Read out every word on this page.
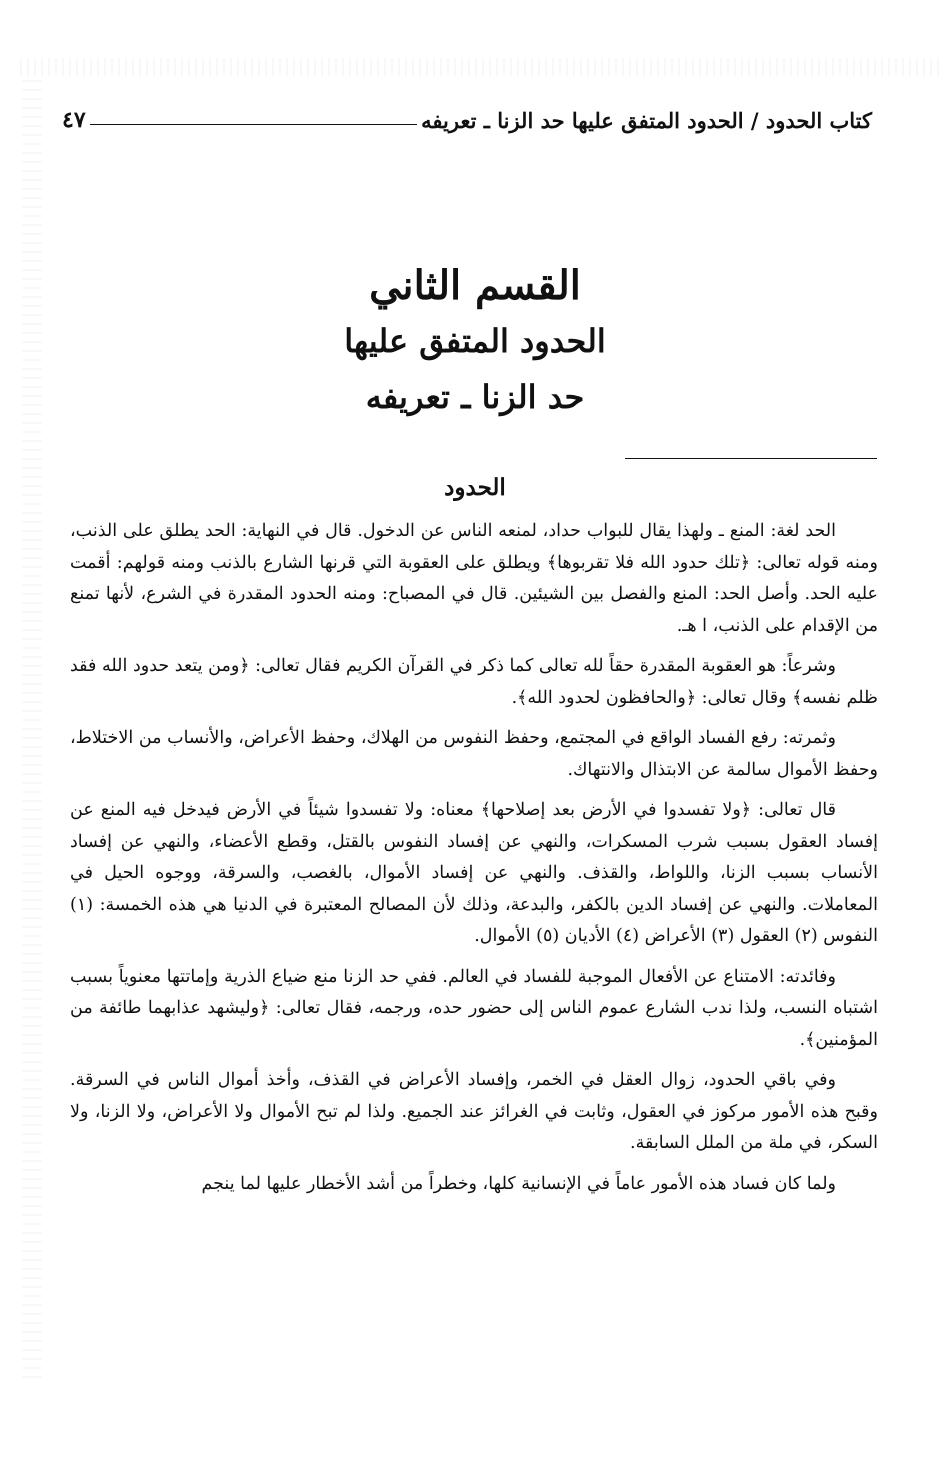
كتاب الحدود / الحدود المتفق عليها حد الزنا ـ تعريفه
٤٧
القسم الثاني
الحدود المتفق عليها
حد الزنا ـ تعريفه
الحدود

الحد لغة: المنع ـ ولهذا يقال للبواب حداد، لمنعه الناس عن الدخول. قال في النهاية: الحد يطلق على الذنب، ومنه قوله تعالى: ﴿تلك حدود الله فلا تقربوها﴾ ويطلق على العقوبة التي قرنها الشارع بالذنب ومنه قولهم: أقمت عليه الحد. وأصل الحد: المنع والفصل بين الشيئين. قال في المصباح: ومنه الحدود المقدرة في الشرع، لأنها تمنع من الإقدام على الذنب، ا هـ.

وشرعاً: هو العقوبة المقدرة حقاً لله تعالى كما ذكر في القرآن الكريم فقال تعالى: ﴿ومن يتعد حدود الله فقد ظلم نفسه﴾ وقال تعالى: ﴿والحافظون لحدود الله﴾.

وثمرته: رفع الفساد الواقع في المجتمع، وحفظ النفوس من الهلاك، وحفظ الأعراض، والأنساب من الاختلاط، وحفظ الأموال سالمة عن الابتذال والانتهاك.

قال تعالى: ﴿ولا تفسدوا في الأرض بعد إصلاحها﴾ معناه: ولا تفسدوا شيئاً في الأرض فيدخل فيه المنع عن إفساد العقول بسبب شرب المسكرات، والنهي عن إفساد النفوس بالقتل، وقطع الأعضاء، والنهي عن إفساد الأنساب بسبب الزنا، واللواط، والقذف. والنهي عن إفساد الأموال، بالغصب، والسرقة، ووجوه الحيل في المعاملات. والنهي عن إفساد الدين بالكفر، والبدعة، وذلك لأن المصالح المعتبرة في الدنيا هي هذه الخمسة: (١) النفوس (٢) العقول (٣) الأعراض (٤) الأديان (٥) الأموال.

وفائدته: الامتناع عن الأفعال الموجبة للفساد في العالم. ففي حد الزنا منع ضياع الذرية وإماتتها معنوياً بسبب اشتباه النسب، ولذا ندب الشارع عموم الناس إلى حضور حده، ورجمه، فقال تعالى: ﴿وليشهد عذابهما طائفة من المؤمنين﴾.

وفي باقي الحدود، زوال العقل في الخمر، وإفساد الأعراض في القذف، وأخذ أموال الناس في السرقة. وقبح هذه الأمور مركوز في العقول، وثابت في الغرائز عند الجميع. ولذا لم تبح الأموال ولا الأعراض، ولا الزنا، ولا السكر، في ملة من الملل السابقة.

ولما كان فساد هذه الأمور عاماً في الإنسانية كلها، وخطراً من أشد الأخطار عليها لما ينجم
